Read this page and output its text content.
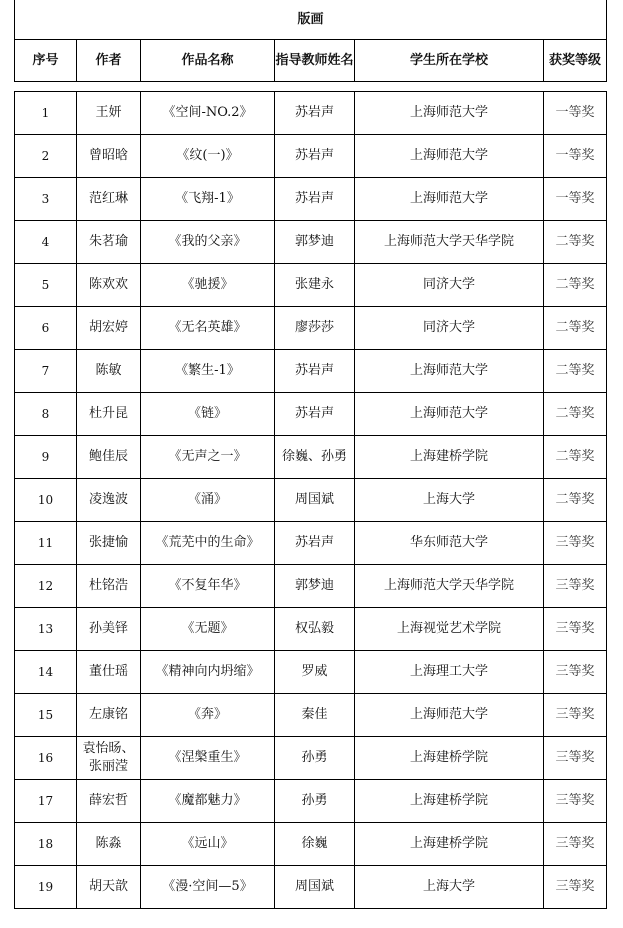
版画
序号	作者	作品名称	指导教师姓名	学生所在学校	获奖等级
1	王妍	《空间-NO.2》	苏岩声	上海师范大学	一等奖
2	曾昭晗	《纹(一)》	苏岩声	上海师范大学	一等奖
3	范红琳	《飞翔-1》	苏岩声	上海师范大学	一等奖
4	朱茗瑜	《我的父亲》	郭梦迪	上海师范大学天华学院	二等奖
5	陈欢欢	《驰援》	张建永	同济大学	二等奖
6	胡宏婷	《无名英雄》	廖莎莎	同济大学	二等奖
7	陈敏	《繁生-1》	苏岩声	上海师范大学	二等奖
8	杜升昆	《链》	苏岩声	上海师范大学	二等奖
9	鲍佳辰	《无声之一》	徐巍、孙勇	上海建桥学院	二等奖
10	凌逸波	《涌》	周国斌	上海大学	二等奖
11	张捷愉	《荒芜中的生命》	苏岩声	华东师范大学	三等奖
12	杜铭浩	《不复年华》	郭梦迪	上海师范大学天华学院	三等奖
13	孙美铎	《无题》	权弘毅	上海视觉艺术学院	三等奖
14	董仕瑶	《精神向内坍缩》	罗威	上海理工大学	三等奖
15	左康铭	《奔》	秦佳	上海师范大学	三等奖
16	袁怡旸、张丽滢	《涅槃重生》	孙勇	上海建桥学院	三等奖
17	薛宏哲	《魔都魅力》	孙勇	上海建桥学院	三等奖
18	陈淼	《远山》	徐巍	上海建桥学院	三等奖
19	胡天歆	《漫·空间—5》	周国斌	上海大学	三等奖
